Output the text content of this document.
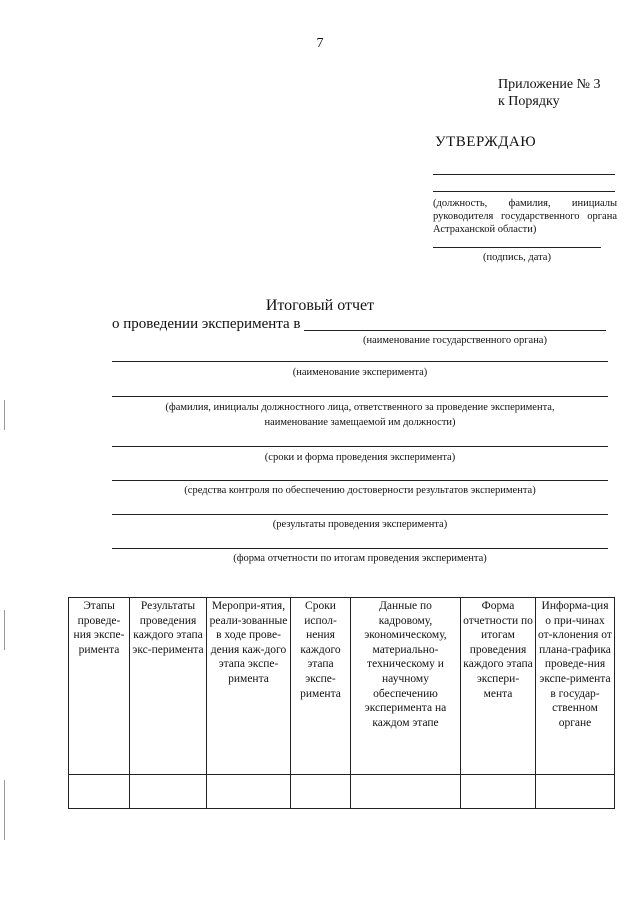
7
Приложение № 3
к Порядку
УТВЕРЖДАЮ
(должность, фамилия, инициалы руководителя государственного органа Астраханской области)
(подпись, дата)
Итоговый отчет
о проведении эксперимента в
(наименование государственного органа)
(наименование эксперимента)
(фамилия, инициалы должностного лица, ответственного за проведение эксперимента,
наименование замещаемой им должности)
(сроки и форма проведения эксперимента)
(средства контроля по обеспечению достоверности результатов эксперимента)
(результаты проведения эксперимента)
(форма отчетности по итогам проведения эксперимента)
Этапы проведе-ния экспе-римента	Результаты проведения каждого этапа экс-перимента	Меропри-ятия, реали-зованные в ходе прове-дения каж-дого этапа экспе-римента	Сроки испол-нения каждого этапа экспе-римента	Данные по кадровому, экономическому, материально-техническому и научному обеспечению эксперимента на каждом этапе	Форма отчетности по итогам проведения каждого этапа экспери-мента	Информа-ция о при-чинах от-клонения от плана-графика проведе-ния экспе-римента в государ-ственном органе
